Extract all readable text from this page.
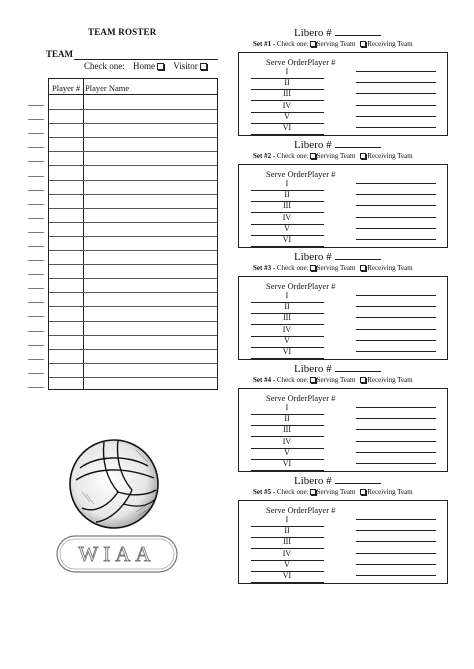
TEAM ROSTER
TEAM
Check one: Home Visitor
Player # Player Name
WIAA
Libero #
Set #1 - Check one: Serving Team Receiving Team
Serve OrderPlayer #
I
II
III
IV
V
VI
Libero #
Set #2 - Check one: Serving Team Receiving Team
Serve OrderPlayer #
I
II
III
IV
V
VI
Libero #
Set #3 - Check one: Serving Team Receiving Team
Serve OrderPlayer #
I
II
III
IV
V
VI
Libero #
Set #4 - Check one: Serving Team Receiving Team
Serve OrderPlayer #
I
II
III
IV
V
VI
Libero #
Set #5 - Check one: Serving Team Receiving Team
Serve OrderPlayer #
I
II
III
IV
V
VI
